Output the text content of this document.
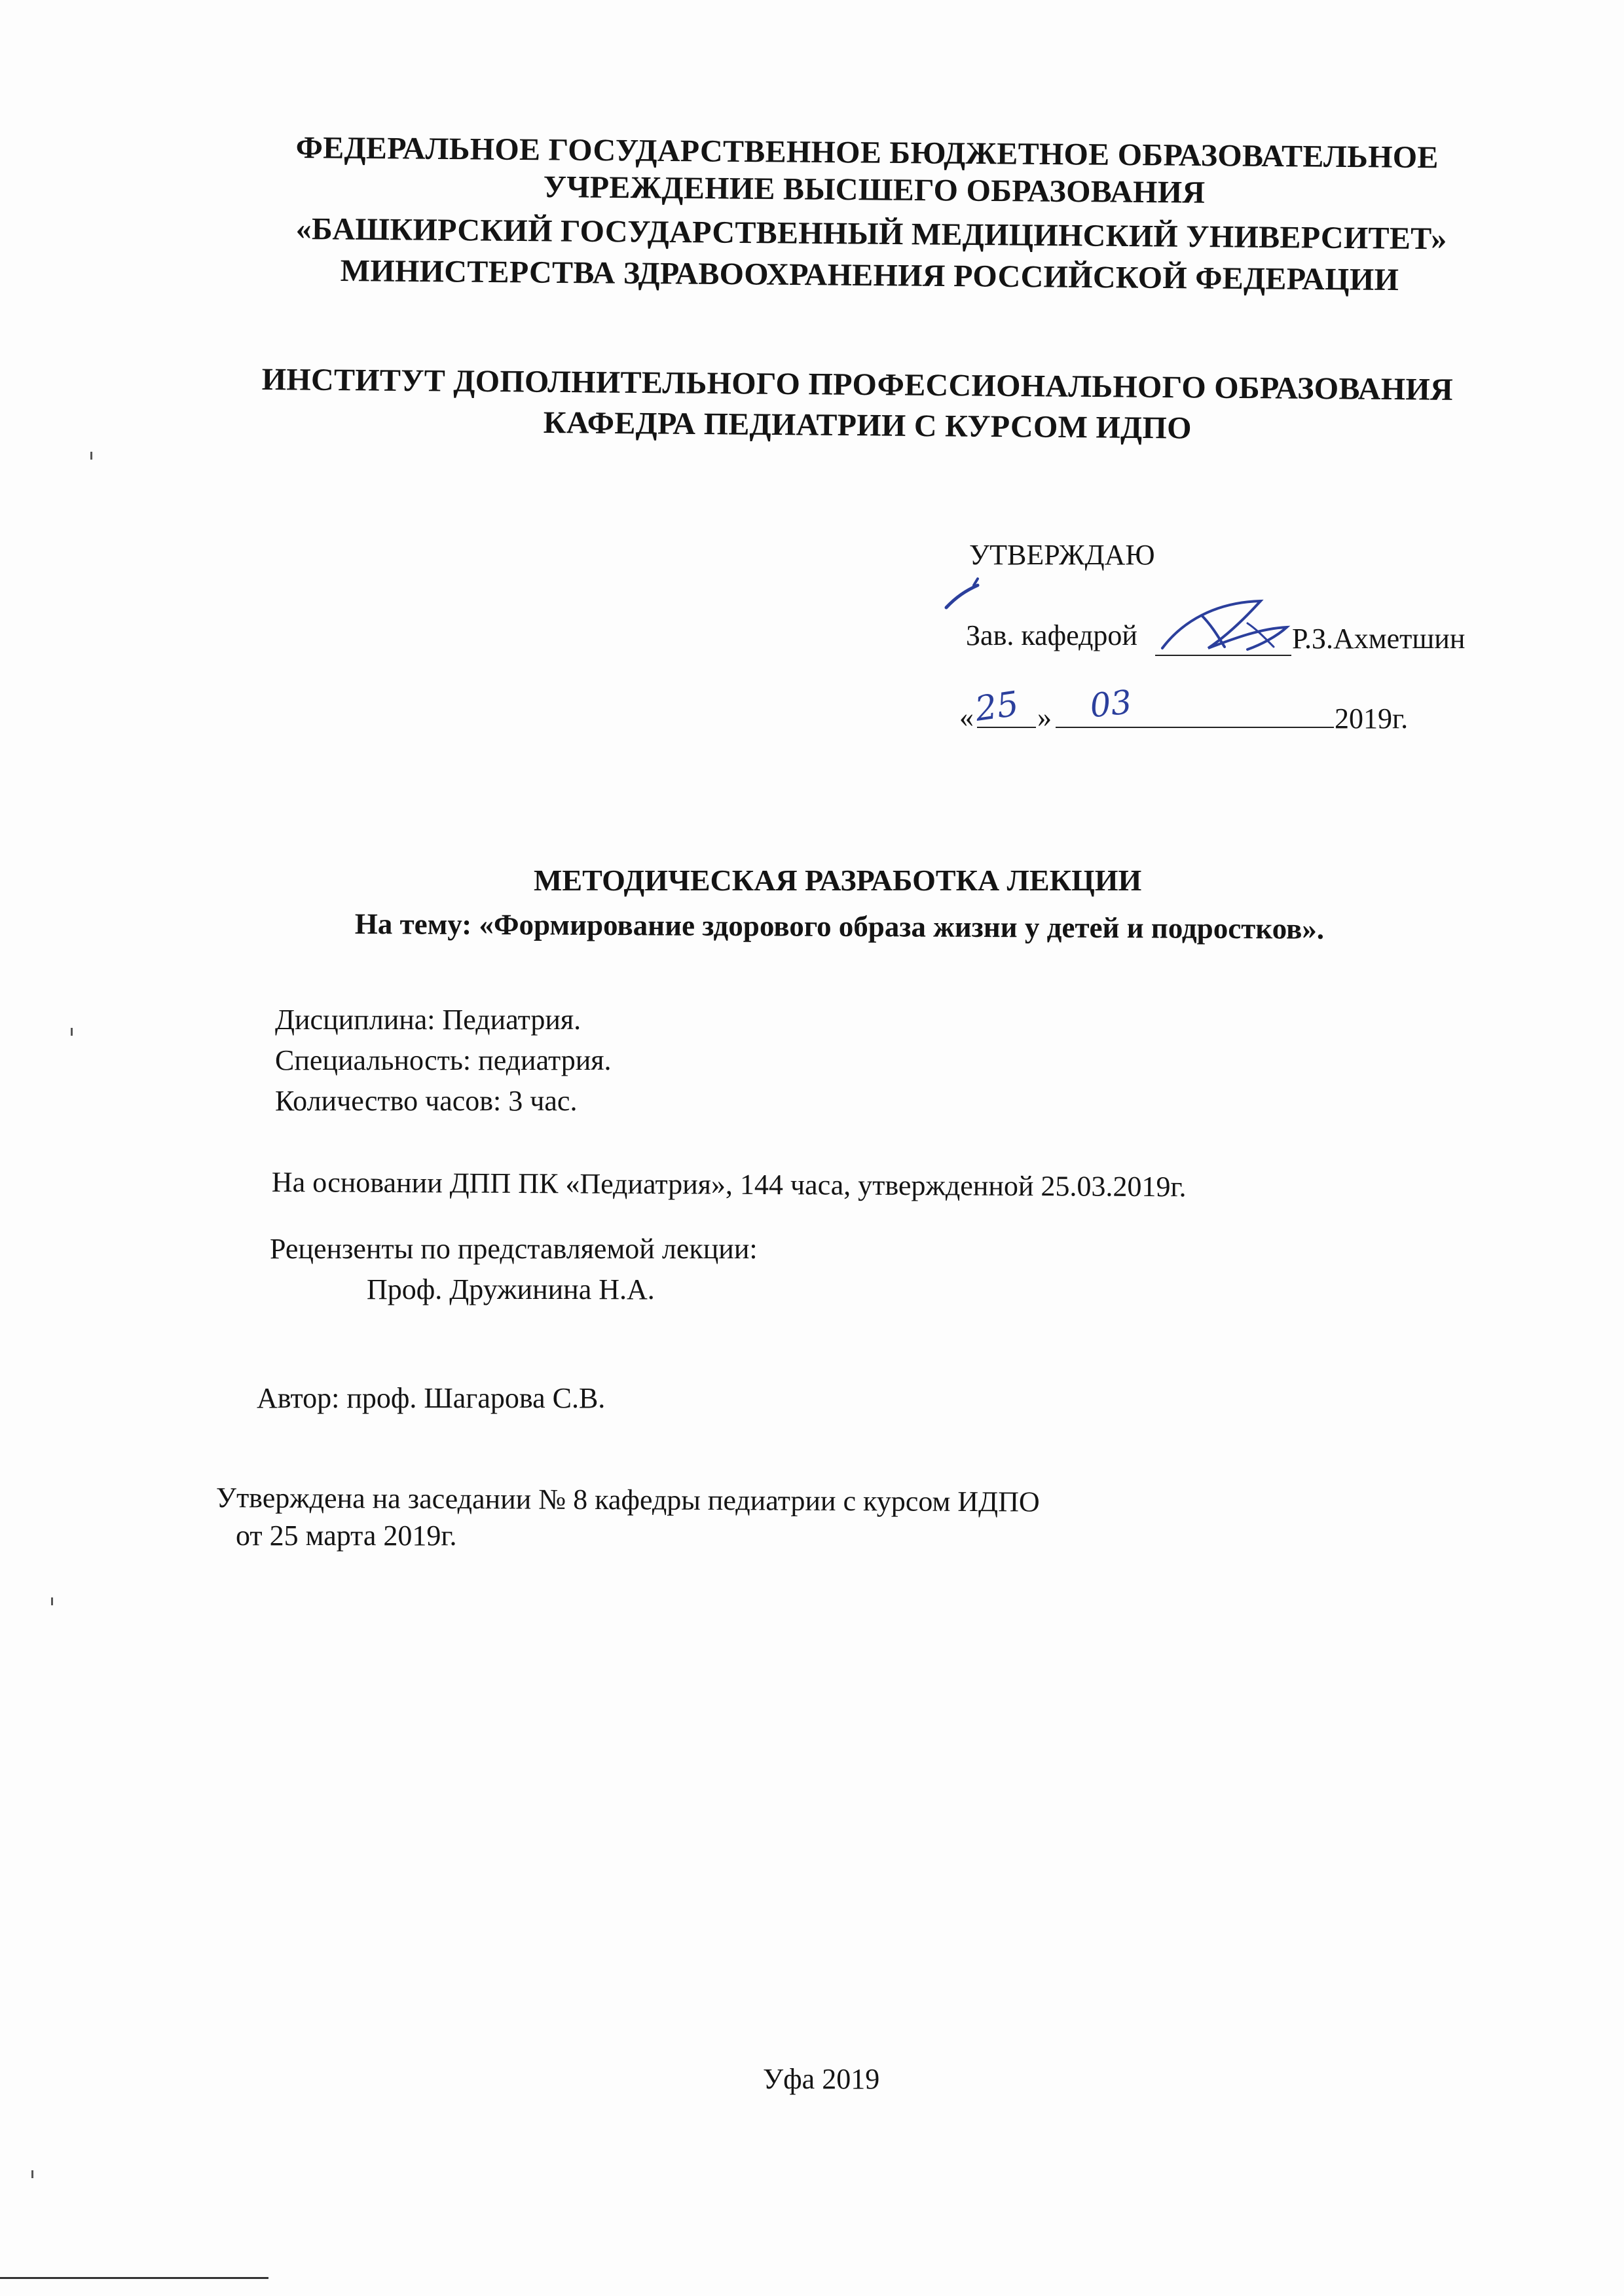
ФЕДЕРАЛЬНОЕ ГОСУДАРСТВЕННОЕ БЮДЖЕТНОЕ ОБРАЗОВАТЕЛЬНОЕ
УЧРЕЖДЕНИЕ ВЫСШЕГО ОБРАЗОВАНИЯ
«БАШКИРСКИЙ ГОСУДАРСТВЕННЫЙ МЕДИЦИНСКИЙ УНИВЕРСИТЕТ»
МИНИСТЕРСТВА ЗДРАВООХРАНЕНИЯ РОССИЙСКОЙ ФЕДЕРАЦИИ
ИНСТИТУТ ДОПОЛНИТЕЛЬНОГО ПРОФЕССИОНАЛЬНОГО ОБРАЗОВАНИЯ
КАФЕДРА ПЕДИАТРИИ С КУРСОМ ИДПО
УТВЕРЖДАЮ
Зав. кафедрой	Р.З.Ахметшин
« »	2019г.
25 03
МЕТОДИЧЕСКАЯ РАЗРАБОТКА ЛЕКЦИИ
На тему: «Формирование здорового образа жизни у детей и подростков».
Дисциплина: Педиатрия.
Специальность: педиатрия.
Количество часов: 3 час.
На основании ДПП ПК «Педиатрия», 144 часа, утвержденной 25.03.2019г.
Рецензенты по представляемой лекции:
Проф. Дружинина Н.А.
Автор: проф. Шагарова С.В.
Утверждена на заседании № 8 кафедры педиатрии с курсом ИДПО
от 25 марта 2019г.
Уфа 2019
